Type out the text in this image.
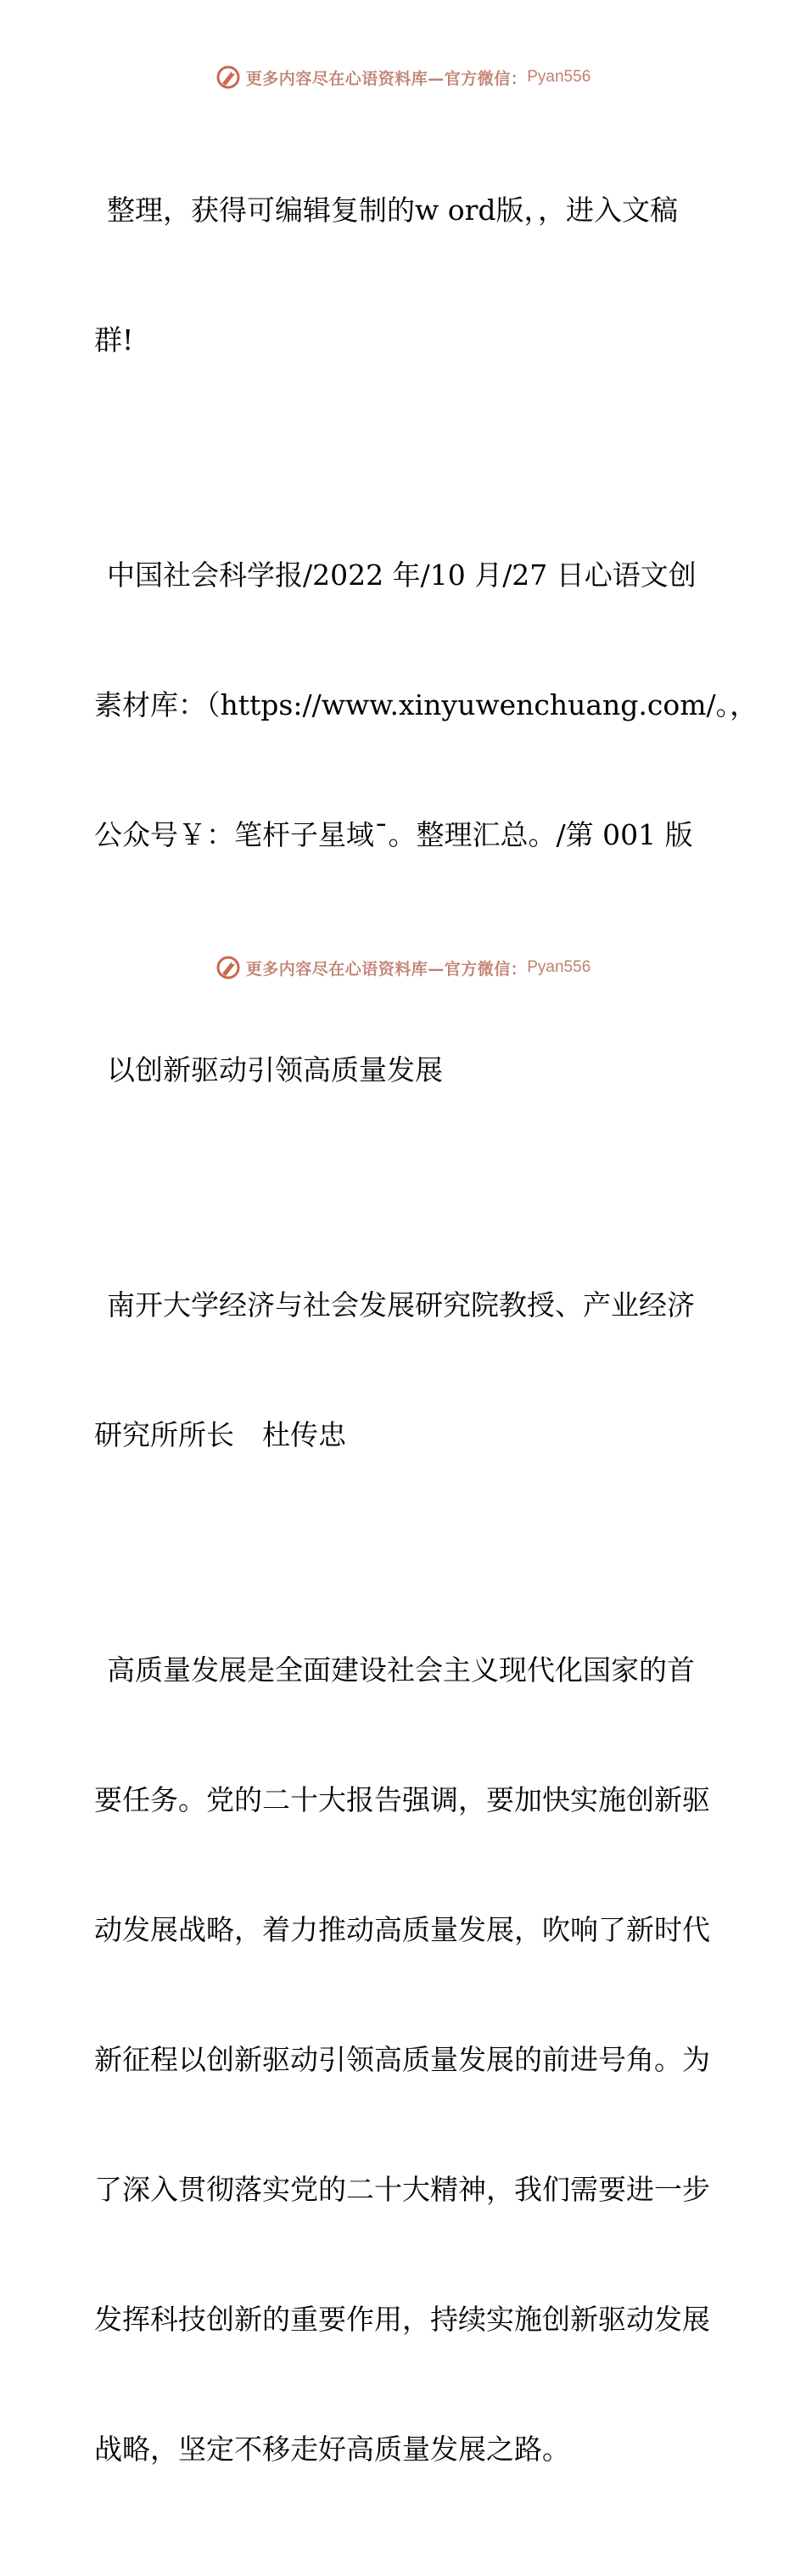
更多内容尽在心语资料库—官方微信： Pyan556

整理，获得可编辑复制的w ord版，，进入文稿

群!

中国社会科学报/2022 年/10 月/27 日心语文创

素材库：（https://www.xinyuwenchuang.com/。，

公众号￥：笔杆子星域¯。整理汇总。/第 001 版

以创新驱动引领高质量发展

南开大学经济与社会发展研究院教授、产业经济

研究所所长　杜传忠

高质量发展是全面建设社会主义现代化国家的首

要任务。党的二十大报告强调，要加快实施创新驱

动发展战略，着力推动高质量发展，吹响了新时代

新征程以创新驱动引领高质量发展的前进号角。为

了深入贯彻落实党的二十大精神，我们需要进一步

发挥科技创新的重要作用，持续实施创新驱动发展

战略，坚定不移走好高质量发展之路。

更多内容尽在心语资料库—官方微信： Pyan556
